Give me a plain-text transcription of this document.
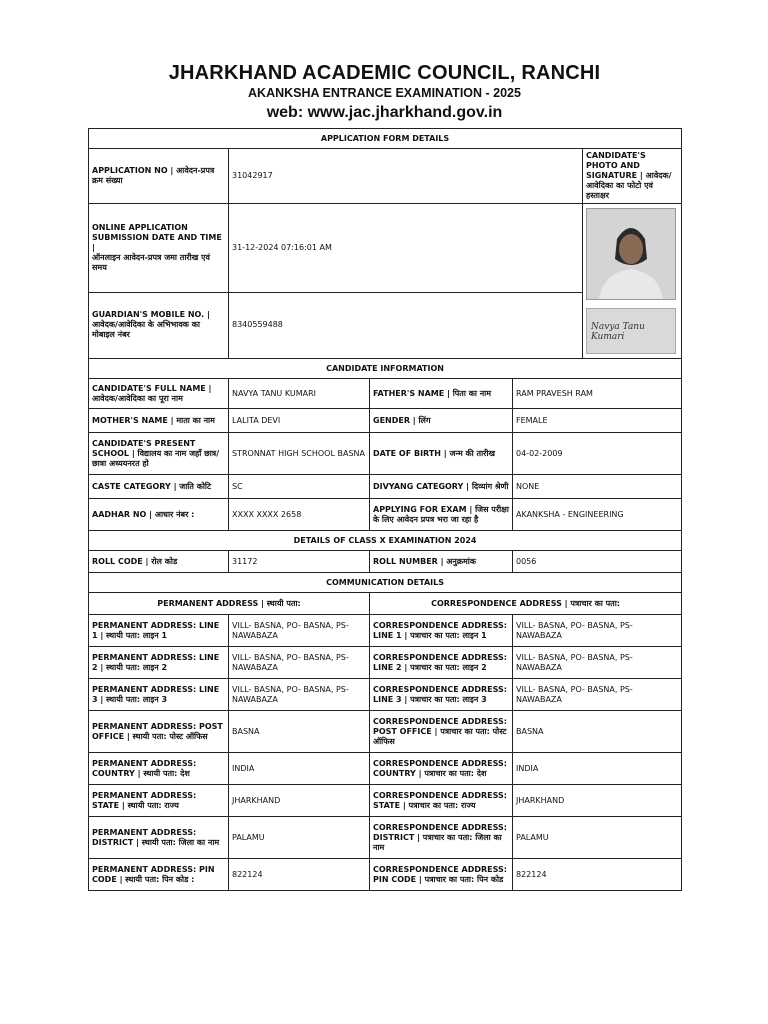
JHARKHAND ACADEMIC COUNCIL, RANCHI
AKANKSHA ENTRANCE EXAMINATION - 2025
web: www.jac.jharkhand.gov.in
APPLICATION FORM DETAILS				
APPLICATION NO | आवेदन-प्रपत्र क्रम संख्या	31042917			CANDIDATE'S PHOTO AND SIGNATURE | आवेदक/आवेदिका का फोटो एवं हस्ताक्षर

ONLINE APPLICATION SUBMISSION DATE AND TIME |
ऑनलाइन आवेदन-प्रपत्र जमा तारीख एवं समय	31-12-2024 07:16:01 AM			Navya Tanu Kumari

GUARDIAN'S MOBILE NO. | आवेदक/आवेदिका के अभिभावक का मोबाइल नंबर	8340559488			
CANDIDATE INFORMATION				
CANDIDATE'S FULL NAME | आवेदक/आवेदिका का पूरा नाम	NAVYA TANU KUMARI	FATHER'S NAME | पिता का नाम	RAM PRAVESH RAM	
MOTHER'S NAME | माता का नाम	LALITA DEVI	GENDER | लिंग	FEMALE	
CANDIDATE'S PRESENT SCHOOL | विद्यालय का नाम जहाँ छात्र/ छात्रा अध्ययनरत हो	STRONNAT HIGH SCHOOL BASNA	DATE OF BIRTH | जन्म की तारीख	04-02-2009	
CASTE CATEGORY | जाति कोटि	SC	DIVYANG CATEGORY | दिव्यांग श्रेणी	NONE	
AADHAR NO | आधार नंबर :	XXXX XXXX 2658	APPLYING FOR EXAM | जिस परीक्षा के लिए आवेदन प्रपत्र भरा जा रहा है	AKANKSHA - ENGINEERING	
DETAILS OF CLASS X EXAMINATION 2024				
ROLL CODE | रोल कोड	31172	ROLL NUMBER | अनुक्रमांक	0056	
COMMUNICATION DETAILS				
PERMANENT ADDRESS | स्थायी पता:		CORRESPONDENCE ADDRESS | पत्राचार का पता:		
PERMANENT ADDRESS: LINE 1 | स्थायी पता: लाइन 1	VILL- BASNA, PO- BASNA, PS- NAWABAZA	CORRESPONDENCE ADDRESS: LINE 1 | पत्राचार का पता: लाइन 1	VILL- BASNA, PO- BASNA, PS- NAWABAZA	
PERMANENT ADDRESS: LINE 2 | स्थायी पता: लाइन 2	VILL- BASNA, PO- BASNA, PS- NAWABAZA	CORRESPONDENCE ADDRESS: LINE 2 | पत्राचार का पता: लाइन 2	VILL- BASNA, PO- BASNA, PS- NAWABAZA	
PERMANENT ADDRESS: LINE 3 | स्थायी पता: लाइन 3	VILL- BASNA, PO- BASNA, PS- NAWABAZA	CORRESPONDENCE ADDRESS: LINE 3 | पत्राचार का पता: लाइन 3	VILL- BASNA, PO- BASNA, PS- NAWABAZA	
PERMANENT ADDRESS: POST OFFICE | स्थायी पता: पोस्ट ऑफिस	BASNA	CORRESPONDENCE ADDRESS: POST OFFICE | पत्राचार का पता: पोस्ट ऑफिस	BASNA	
PERMANENT ADDRESS: COUNTRY | स्थायी पता: देश	INDIA	CORRESPONDENCE ADDRESS: COUNTRY | पत्राचार का पता: देश	INDIA	
PERMANENT ADDRESS: STATE | स्थायी पता: राज्य	JHARKHAND	CORRESPONDENCE ADDRESS: STATE | पत्राचार का पता: राज्य	JHARKHAND	
PERMANENT ADDRESS: DISTRICT | स्थायी पता: जिला का नाम	PALAMU	CORRESPONDENCE ADDRESS: DISTRICT | पत्राचार का पता: जिला का नाम	PALAMU	
PERMANENT ADDRESS: PIN CODE | स्थायी पता: पिन कोड :	822124	CORRESPONDENCE ADDRESS: PIN CODE | पत्राचार का पता: पिन कोड	822124	
